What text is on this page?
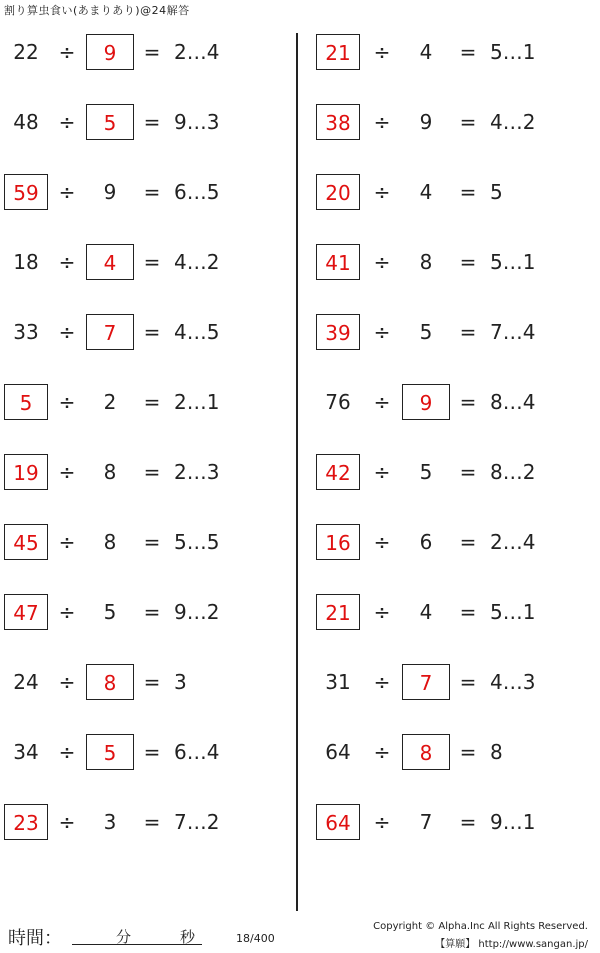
割り算虫食い(あまりあり)@24解答
22 ÷	9	= 2…4
48 ÷	5	= 9…3
59 ÷	9	= 6…5
18 ÷	4	= 4…2
33 ÷	7	= 4…5
5	÷	2	= 2…1
19 ÷	8	= 2…3
45 ÷	8	= 5…5
47 ÷	5	= 9…2
24 ÷	8	= 3
34 ÷	5	= 6…4
23 ÷	3	= 7…2
21	÷	4	= 5…1
38	÷	9	= 4…2
20	÷	4	= 5
41	÷	8	= 5…1
39	÷	5	= 7…4
76	÷	9	= 8…4
42	÷	5	= 8…2
16	÷	6	= 2…4
21	÷	4	= 5…1
31	÷	7	= 4…3
64	÷	8	= 8
64	÷	7	= 9…1
時間：	分	秒	18/400
Copyright © Alpha.Inc All Rights Reserved.
【算願】 http://www.sangan.jp/
